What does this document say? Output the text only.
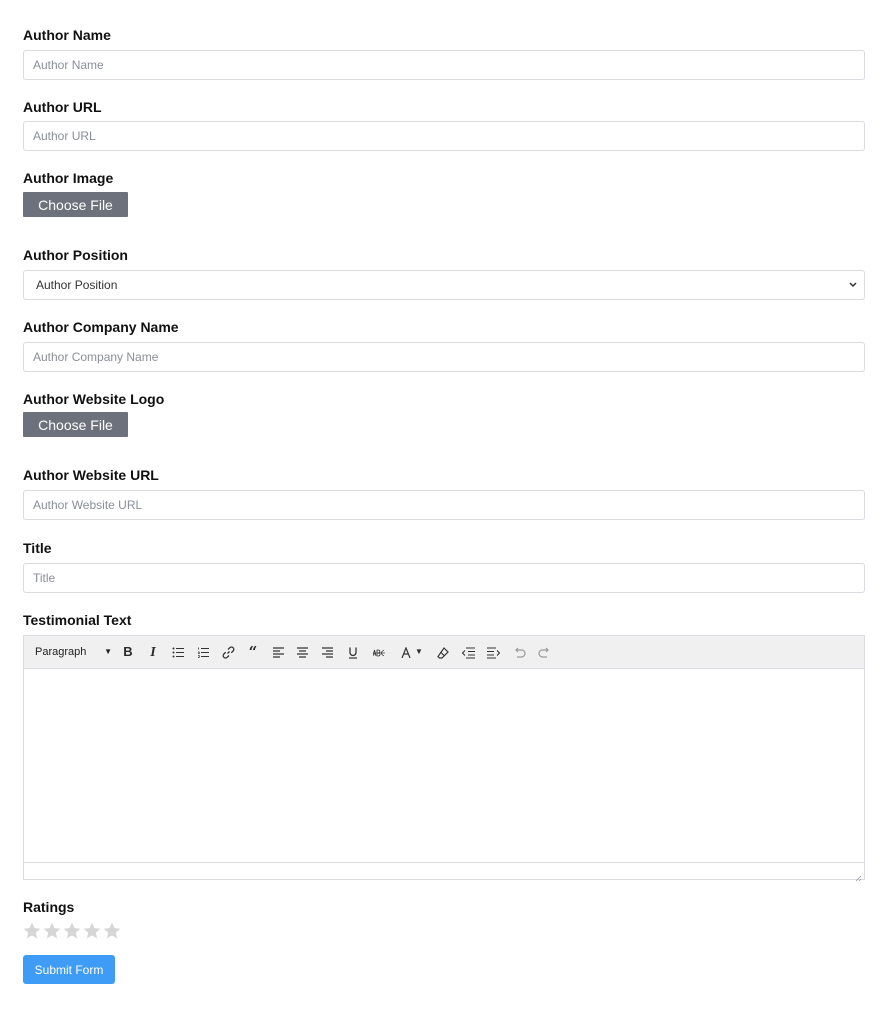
Author Name
Author Name
Author URL
Author URL
Author Image
Choose File
Author Position
Author Position
Author Company Name
Author Company Name
Author Website Logo
Choose File
Author Website URL
Author Website URL
Title
Title
Testimonial Text
Paragraph ▼ B	I	“	▼
Ratings
Submit Form
